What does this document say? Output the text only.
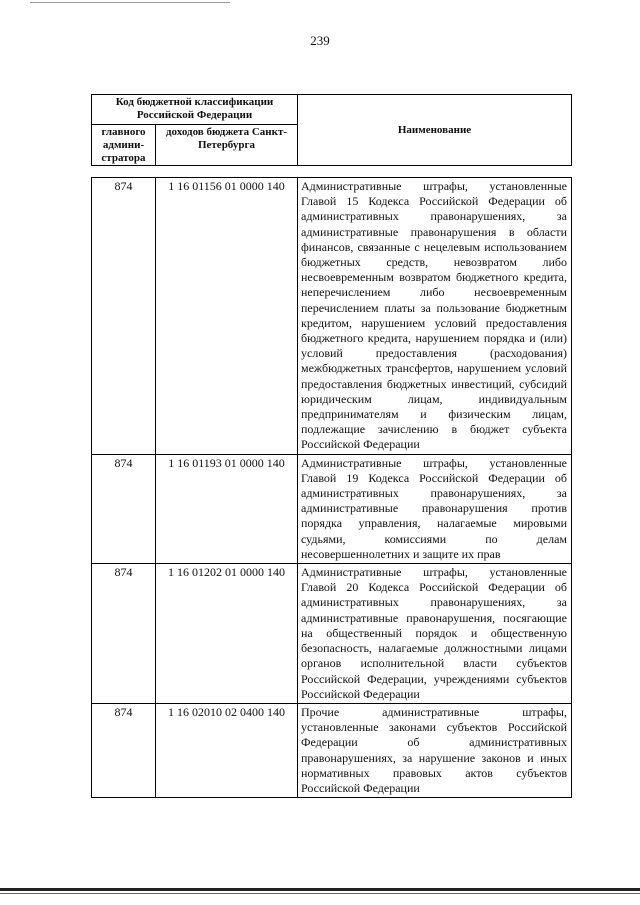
239
Код бюджетной классификации Российской Федерации		Наименование
главного админи-стратора	доходов бюджета Санкт-Петербурга	
874	1 16 01156 01 0000 140	Административные штрафы, установленные Главой 15 Кодекса Российской Федерации об административных правонарушениях, за административные правонарушения в области финансов, связанные с нецелевым использованием бюджетных средств, невозвратом либо несвоевременным возвратом бюджетного кредита, неперечислением либо несвоевременным перечислением платы за пользование бюджетным кредитом, нарушением условий предоставления бюджетного кредита, нарушением порядка и (или) условий предоставления (расходования) межбюджетных трансфертов, нарушением условий предоставления бюджетных инвестиций, субсидий юридическим лицам, индивидуальным предпринимателям и физическим лицам, подлежащие зачислению в бюджет субъекта Российской Федерации
874	1 16 01193 01 0000 140	Административные штрафы, установленные Главой 19 Кодекса Российской Федерации об административных правонарушениях, за административные правонарушения против порядка управления, налагаемые мировыми судьями, комиссиями по делам несовершеннолетних и защите их прав
874	1 16 01202 01 0000 140	Административные штрафы, установленные Главой 20 Кодекса Российской Федерации об административных правонарушениях, за административные правонарушения, посягающие на общественный порядок и общественную безопасность, налагаемые должностными лицами органов исполнительной власти субъектов Российской Федерации, учреждениями субъектов Российской Федерации
874	1 16 02010 02 0400 140	Прочие административные штрафы, установленные законами субъектов Российской Федерации об административных правонарушениях, за нарушение законов и иных нормативных правовых актов субъектов Российской Федерации
